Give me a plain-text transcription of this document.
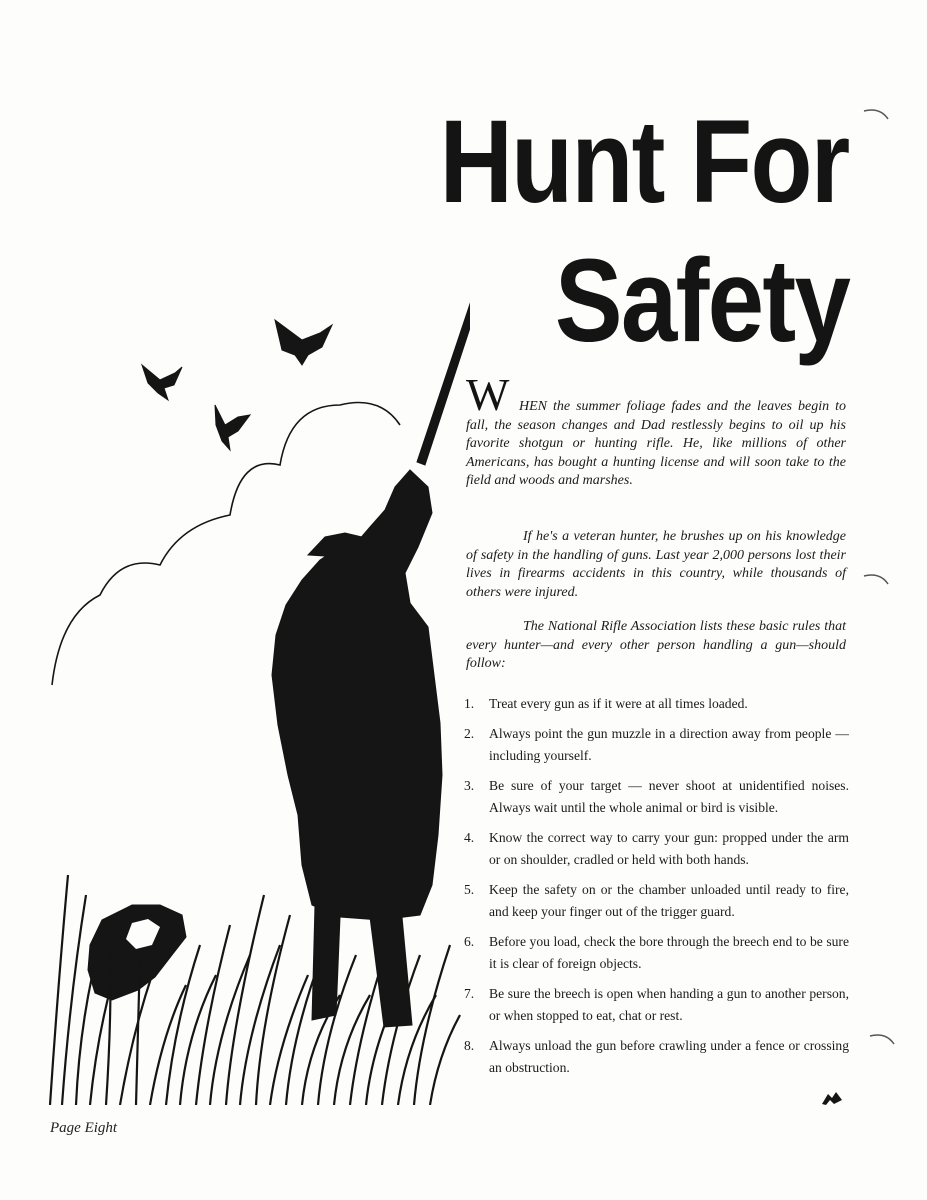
Hunt For
Safety
W HEN the summer foliage fades and the leaves begin to fall, the season changes and Dad restlessly begins to oil up his favorite shotgun or hunting rifle. He, like millions of other Americans, has bought a hunting license and will soon take to the field and woods and marshes.

If he's a veteran hunter, he brushes up on his knowledge of safety in the handling of guns. Last year 2,000 persons lost their lives in firearms accidents in this country, while thousands of others were injured.

The National Rifle Association lists these basic rules that every hunter—and every other person handling a gun—should follow:

1. Treat every gun as if it were at all times loaded.
2. Always point the gun muzzle in a direction away from people — including yourself.
3. Be sure of your target — never shoot at unidentified noises. Always wait until the whole animal or bird is visible.
4. Know the correct way to carry your gun: propped under the arm or on shoulder, cradled or held with both hands.
5. Keep the safety on or the chamber unloaded until ready to fire, and keep your finger out of the trigger guard.
6. Before you load, check the bore through the breech end to be sure it is clear of foreign objects.
7. Be sure the breech is open when handing a gun to another person, or when stopped to eat, chat or rest.
8. Always unload the gun before crawling under a fence or crossing an obstruction.

Page Eight
